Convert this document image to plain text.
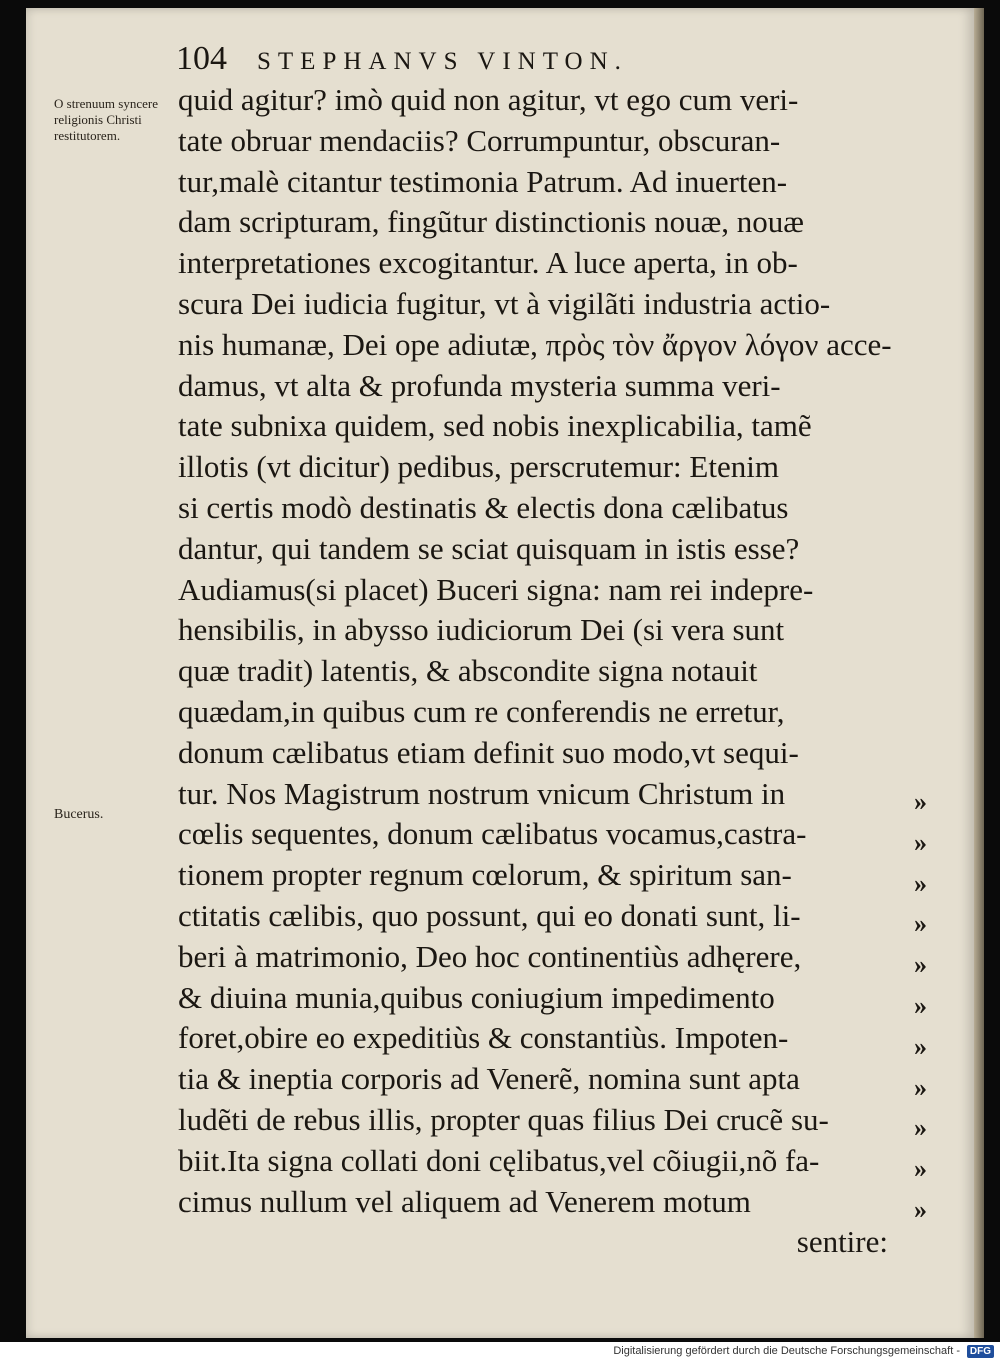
104 STEPHANVS VINTON.
O strenuum syncere religionis Christi restitutorem.
Bucerus.
quid agitur? imò quid non agitur, vt ego cum veri-
tate obruar mendaciis? Corrumpuntur, obscuran-
tur,malè citantur testimonia Patrum. Ad inuerten-
dam scripturam, fingũtur distinctionis nouæ, nouæ
interpretationes excogitantur. A luce aperta, in ob-
scura Dei iudicia fugitur, vt à vigilãti industria actio-
nis humanæ, Dei ope adiutæ, πρὸς τὸν ἄργον λόγον acce-
damus, vt alta & profunda mysteria summa veri-
tate subnixa quidem, sed nobis inexplicabilia, tamẽ
illotis (vt dicitur) pedibus, perscrutemur: Etenim
si certis modò destinatis & electis dona cælibatus
dantur, qui tandem se sciat quisquam in istis esse?
Audiamus(si placet) Buceri signa: nam rei indepre-
hensibilis, in abysso iudiciorum Dei (si vera sunt
quæ tradit) latentis, & abscondite signa notauit
quædam,in quibus cum re conferendis ne erretur,
donum cælibatus etiam definit suo modo,vt sequi-
tur. Nos Magistrum nostrum vnicum Christum in
cœlis sequentes, donum cælibatus vocamus,castra-
tionem propter regnum cœlorum, & spiritum san-
ctitatis cælibis, quo possunt, qui eo donati sunt, li-
beri à matrimonio, Deo hoc continentiùs adhęrere,
& diuina munia,quibus coniugium impedimento
foret,obire eo expeditiùs & constantiùs. Impoten-
tia & ineptia corporis ad Venerẽ, nomina sunt apta
ludẽti de rebus illis, propter quas filius Dei crucẽ su-
biit.Ita signa collati doni cęlibatus,vel cõiugii,nõ fa-
cimus nullum vel aliquem ad Venerem motum
sentire:
»
»
»
»
»
»
»
»
»
»
»
Digitalisierung gefördert durch die Deutsche Forschungsgemeinschaft - DFG
